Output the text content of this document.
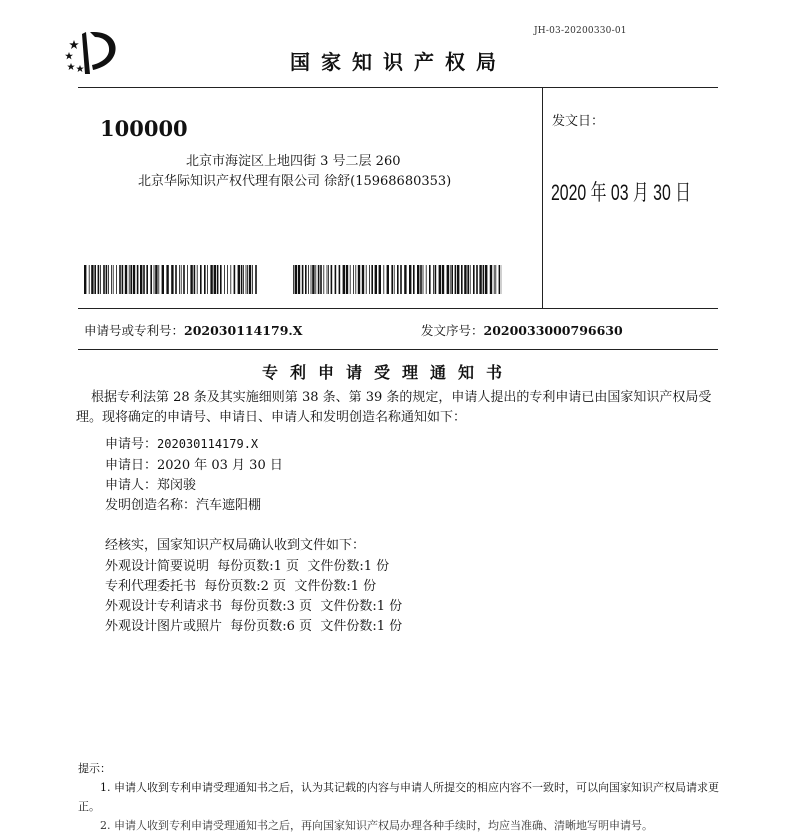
JH-03-20200330-01
国家知识产权局
100000
北京市海淀区上地四街 3 号二层 260
北京华际知识产权代理有限公司 徐舒(15968680353)
发文日：
2020 年 03 月 30 日
申请号或专利号：202030114179.X	发文序号：2020033000796630
专利申请受理通知书
根据专利法第 28 条及其实施细则第 38 条、第 39 条的规定，申请人提出的专利申请已由国家知识产权局受理。现将确定的申请号、申请日、申请人和发明创造名称通知如下：
申请号：202030114179.X
申请日：2020 年 03 月 30 日
申请人：郑闵骏
发明创造名称：汽车遮阳棚
经核实，国家知识产权局确认收到文件如下：
外观设计简要说明  每份页数:1 页  文件份数:1 份
专利代理委托书  每份页数:2 页  文件份数:1 份
外观设计专利请求书  每份页数:3 页  文件份数:1 份
外观设计图片或照片  每份页数:6 页  文件份数:1 份
提示：
1. 申请人收到专利申请受理通知书之后，认为其记载的内容与申请人所提交的相应内容不一致时，可以向国家知识产权局请求更正。
2. 申请人收到专利申请受理通知书之后，再向国家知识产权局办理各种手续时，均应当准确、清晰地写明申请号。
